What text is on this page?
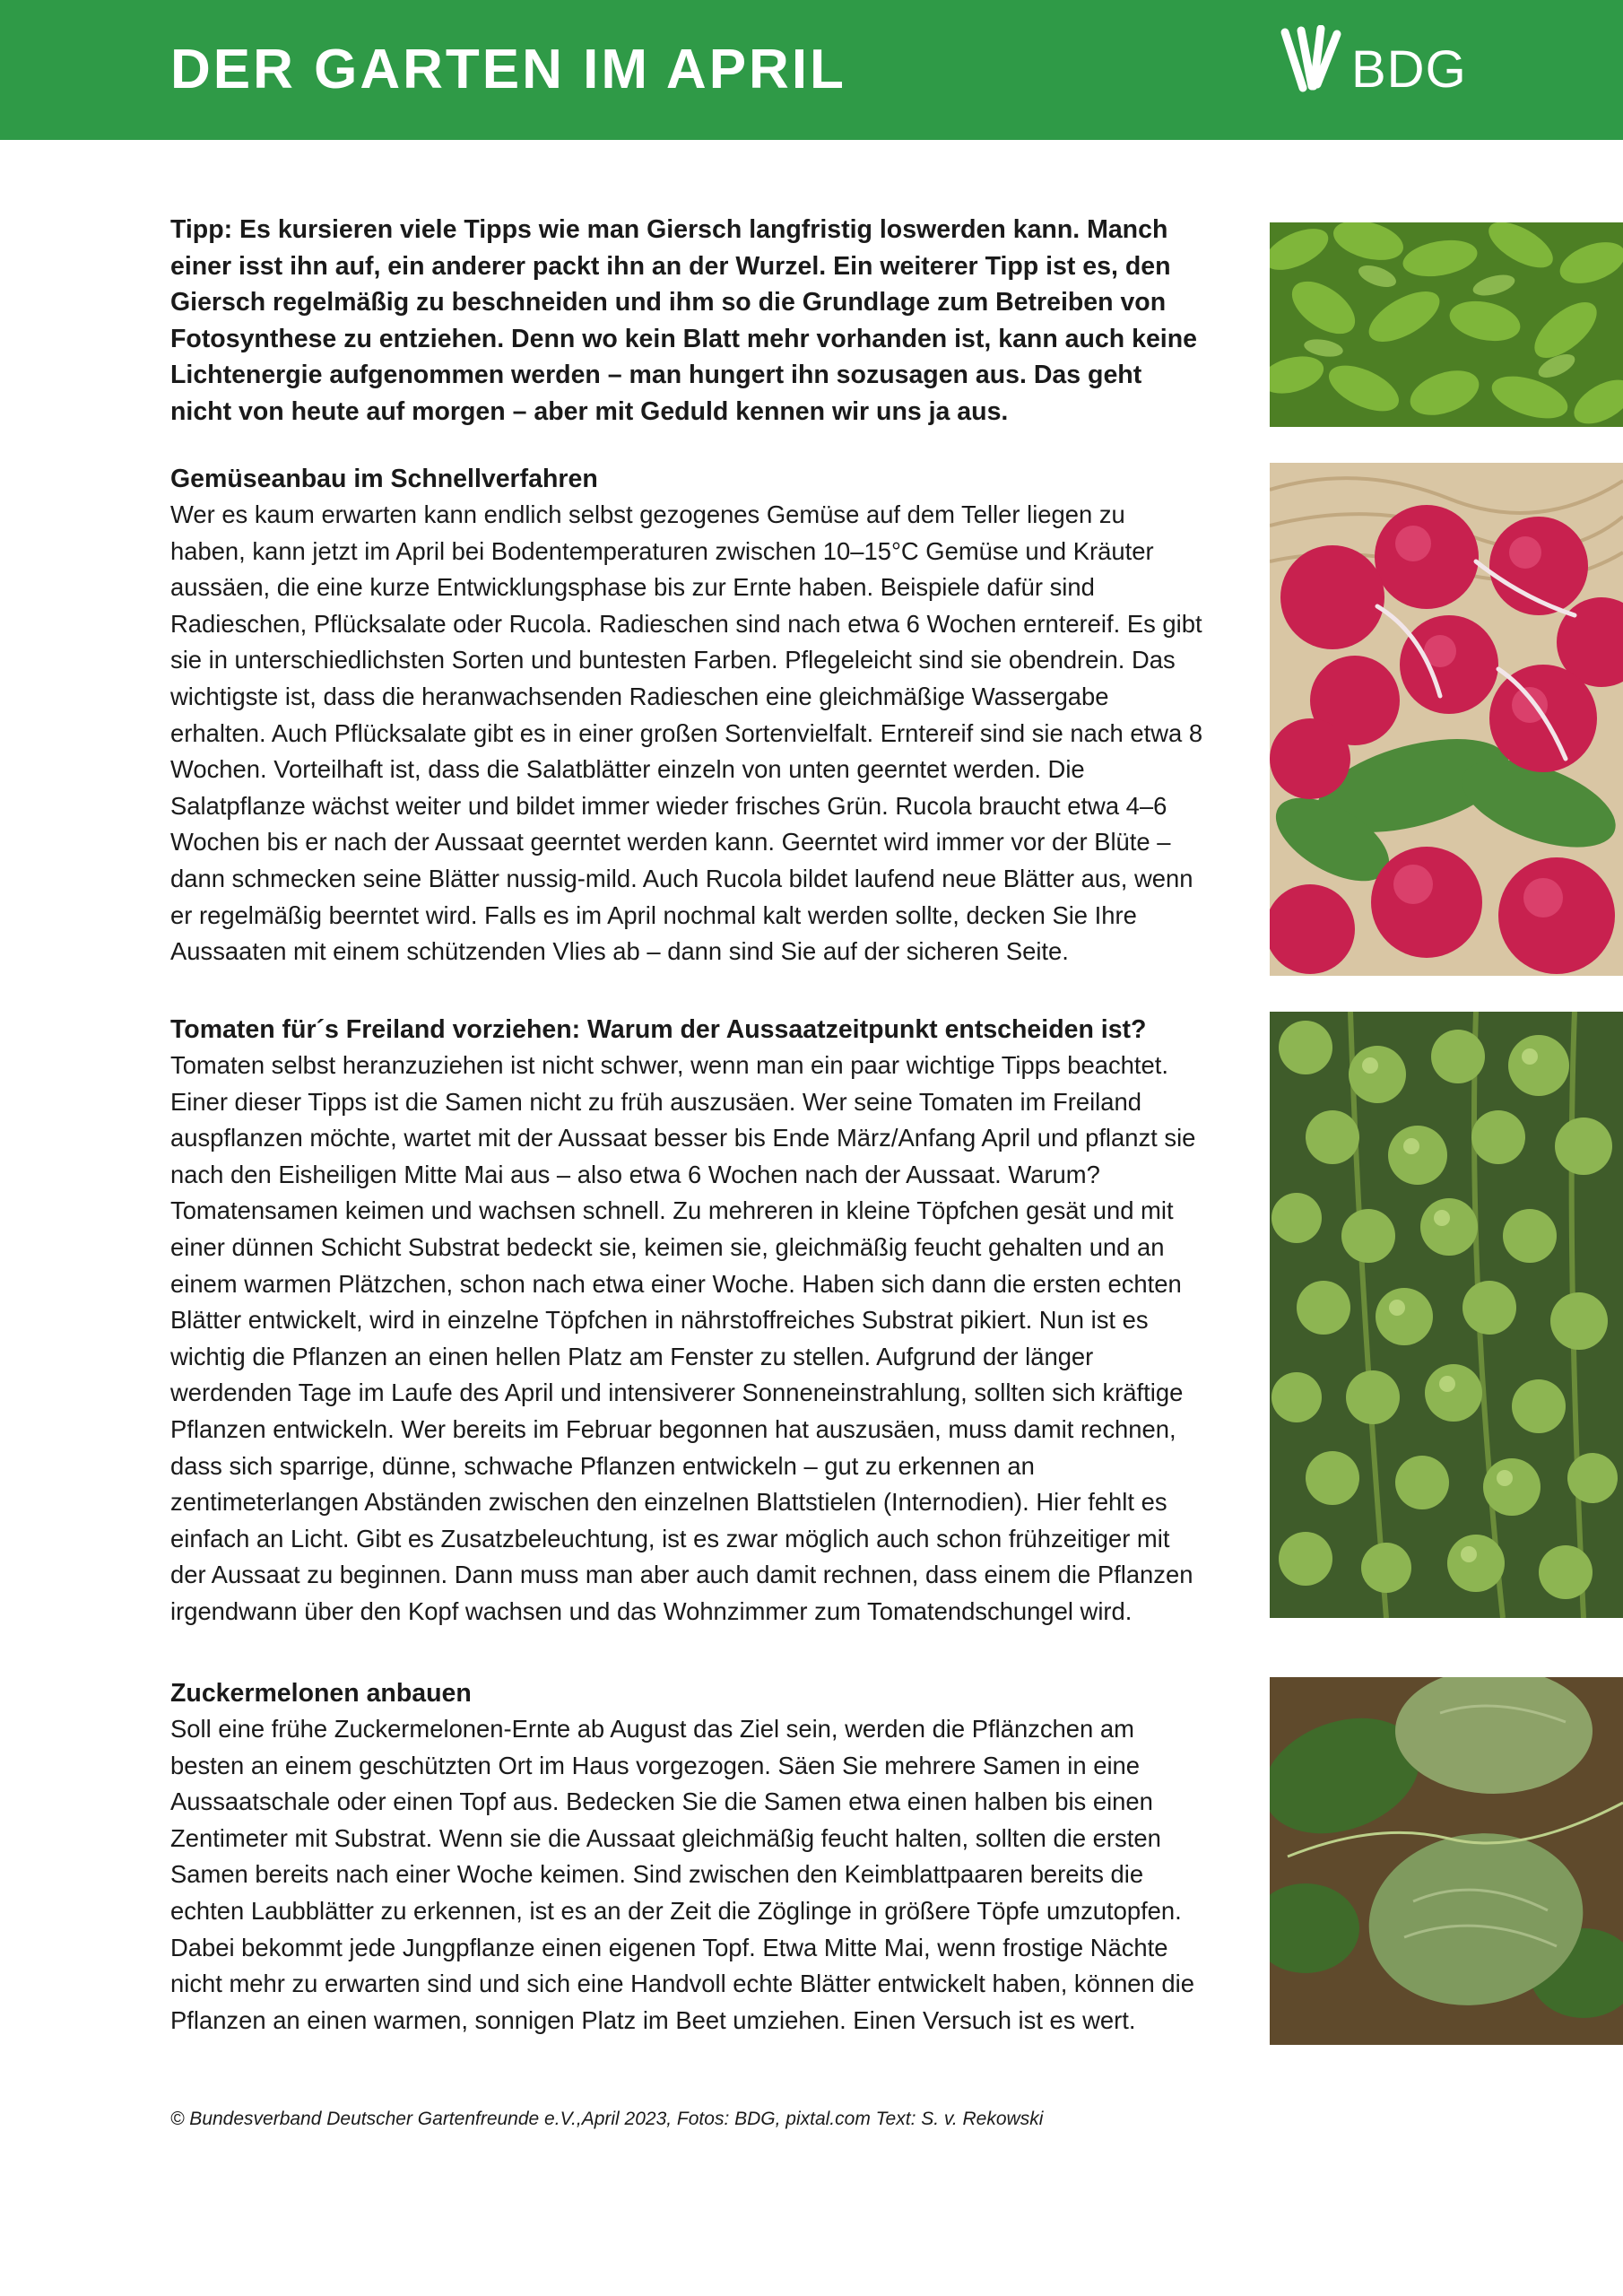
DER GARTEN IM APRIL	BDG

Tipp: Es kursieren viele Tipps wie man Giersch langfristig loswerden kann. Manch einer isst ihn auf, ein anderer packt ihn an der Wurzel. Ein weiterer Tipp ist es, den Giersch regelmäßig zu beschneiden und ihm so die Grundlage zum Betreiben von Fotosynthese zu entziehen. Denn wo kein Blatt mehr vorhanden ist, kann auch keine Lichtenergie aufgenommen werden – man hungert ihn sozusagen aus. Das geht nicht von heute auf morgen – aber mit Geduld kennen wir uns ja aus.

Gemüseanbau im Schnellverfahren

Wer es kaum erwarten kann endlich selbst gezogenes Gemüse auf dem Teller liegen zu haben, kann jetzt im April bei Bodentemperaturen zwischen 10–15°C Gemüse und Kräuter aussäen, die eine kurze Entwicklungsphase bis zur Ernte haben. Beispiele dafür sind Radieschen, Pflücksalate oder Rucola. Radieschen sind nach etwa 6 Wochen erntereif. Es gibt sie in unterschiedlichsten Sorten und buntesten Farben. Pflegeleicht sind sie obendrein. Das wichtigste ist, dass die heranwachsenden Radieschen eine gleichmäßige Wassergabe erhalten. Auch Pflücksalate gibt es in einer großen Sortenvielfalt. Erntereif sind sie nach etwa 8 Wochen. Vorteilhaft ist, dass die Salatblätter einzeln von unten geerntet werden. Die Salatpflanze wächst weiter und bildet immer wieder frisches Grün. Rucola braucht etwa 4–6 Wochen bis er nach der Aussaat geerntet werden kann. Geerntet wird immer vor der Blüte – dann schmecken seine Blätter nussig-mild. Auch Rucola bildet laufend neue Blätter aus, wenn er regelmäßig beerntet wird. Falls es im April nochmal kalt werden sollte, decken Sie Ihre Aussaaten mit einem schützenden Vlies ab – dann sind Sie auf der sicheren Seite.

Tomaten für´s Freiland vorziehen: Warum der Aussaatzeitpunkt entscheiden ist?

Tomaten selbst heranzuziehen ist nicht schwer, wenn man ein paar wichtige Tipps beachtet. Einer dieser Tipps ist die Samen nicht zu früh auszusäen. Wer seine Tomaten im Freiland auspflanzen möchte, wartet mit der Aussaat besser bis Ende März/Anfang April und pflanzt sie nach den Eisheiligen Mitte Mai aus – also etwa 6 Wochen nach der Aussaat. Warum? Tomatensamen keimen und wachsen schnell. Zu mehreren in kleine Töpfchen gesät und mit einer dünnen Schicht Substrat bedeckt sie, keimen sie, gleichmäßig feucht gehalten und an einem warmen Plätzchen, schon nach etwa einer Woche. Haben sich dann die ersten echten Blätter entwickelt, wird in einzelne Töpfchen in nährstoffreiches Substrat pikiert. Nun ist es wichtig die Pflanzen an einen hellen Platz am Fenster zu stellen. Aufgrund der länger werdenden Tage im Laufe des April und intensiverer Sonneneinstrahlung, sollten sich kräftige Pflanzen entwickeln. Wer bereits im Februar begonnen hat auszusäen, muss damit rechnen, dass sich sparrige, dünne, schwache Pflanzen entwickeln – gut zu erkennen an zentimeterlangen Abständen zwischen den einzelnen Blattstielen (Internodien). Hier fehlt es einfach an Licht. Gibt es Zusatzbeleuchtung, ist es zwar möglich auch schon frühzeitiger mit der Aussaat zu beginnen. Dann muss man aber auch damit rechnen, dass einem die Pflanzen irgendwann über den Kopf wachsen und das Wohnzimmer zum Tomatendschungel wird.

Zuckermelonen anbauen

Soll eine frühe Zuckermelonen-Ernte ab August das Ziel sein, werden die Pflänzchen am besten an einem geschützten Ort im Haus vorgezogen. Säen Sie mehrere Samen in eine Aussaatschale oder einen Topf aus. Bedecken Sie die Samen etwa einen halben bis einen Zentimeter mit Substrat. Wenn sie die Aussaat gleichmäßig feucht halten, sollten die ersten Samen bereits nach einer Woche keimen. Sind zwischen den Keimblattpaaren bereits die echten Laubblätter zu erkennen, ist es an der Zeit die Zöglinge in größere Töpfe umzutopfen. Dabei bekommt jede Jungpflanze einen eigenen Topf. Etwa Mitte Mai, wenn frostige Nächte nicht mehr zu erwarten sind und sich eine Handvoll echte Blätter entwickelt haben, können die Pflanzen an einen warmen, sonnigen Platz im Beet umziehen. Einen Versuch ist es wert.

© Bundesverband Deutscher Gartenfreunde e.V.,April 2023, Fotos: BDG, pixtal.com Text: S. v. Rekowski
